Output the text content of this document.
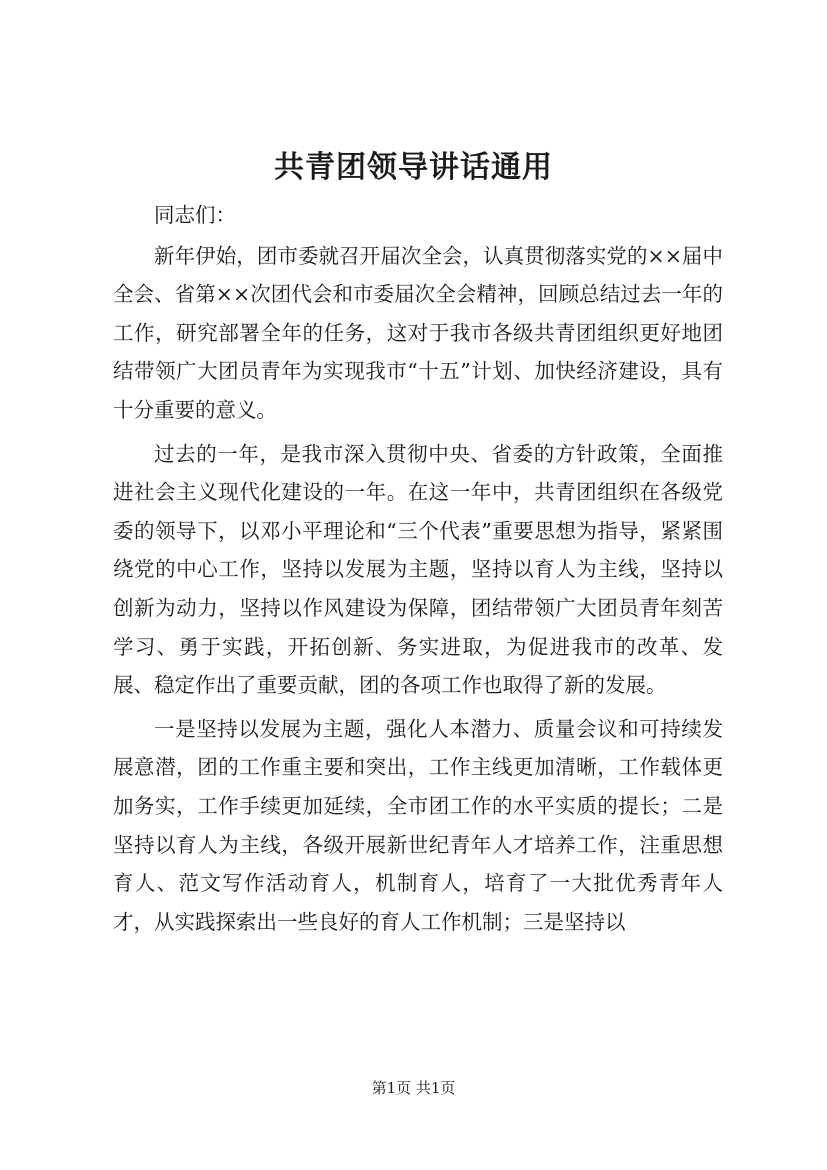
共青团领导讲话通用

同志们：

新年伊始，团市委就召开届次全会，认真贯彻落实党的××届中全会、省第××次团代会和市委届次全会精神，回顾总结过去一年的工作，研究部署全年的任务，这对于我市各级共青团组织更好地团结带领广大团员青年为实现我市“十五”计划、加快经济建设，具有十分重要的意义。

过去的一年，是我市深入贯彻中央、省委的方针政策，全面推进社会主义现代化建设的一年。在这一年中，共青团组织在各级党委的领导下，以邓小平理论和“三个代表”重要思想为指导，紧紧围绕党的中心工作，坚持以发展为主题，坚持以育人为主线，坚持以创新为动力，坚持以作风建设为保障，团结带领广大团员青年刻苦学习、勇于实践，开拓创新、务实进取，为促进我市的改革、发展、稳定作出了重要贡献，团的各项工作也取得了新的发展。

一是坚持以发展为主题，强化人本潜力、质量会议和可持续发展意潜，团的工作重主要和突出，工作主线更加清晰，工作载体更加务实，工作手续更加延续，全市团工作的水平实质的提长；二是坚持以育人为主线，各级开展新世纪青年人才培养工作，注重思想育人、范文写作活动育人，机制育人，培育了一大批优秀青年人才，从实践探索出一些良好的育人工作机制；三是坚持以

第1页 共1页
